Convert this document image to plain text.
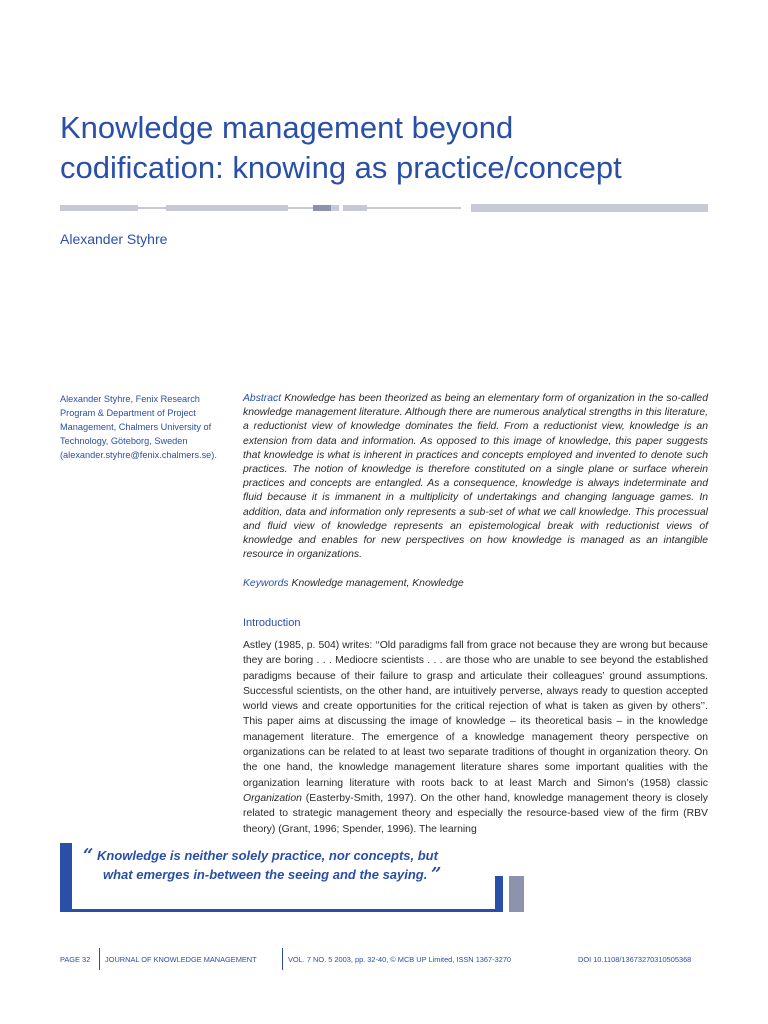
Knowledge management beyond
codification: knowing as practice/concept
Alexander Styhre
Alexander Styhre, Fenix Research Program & Department of Project Management, Chalmers University of Technology, Göteborg, Sweden (alexander.styhre@fenix.chalmers.se).

Abstract Knowledge has been theorized as being an elementary form of organization in the so-called knowledge management literature. Although there are numerous analytical strengths in this literature, a reductionist view of knowledge dominates the field. From a reductionist view, knowledge is an extension from data and information. As opposed to this image of knowledge, this paper suggests that knowledge is what is inherent in practices and concepts employed and invented to denote such practices. The notion of knowledge is therefore constituted on a single plane or surface wherein practices and concepts are entangled. As a consequence, knowledge is always indeterminate and fluid because it is immanent in a multiplicity of undertakings and changing language games. In addition, data and information only represents a sub-set of what we call knowledge. This processual and fluid view of knowledge represents an epistemological break with reductionist views of knowledge and enables for new perspectives on how knowledge is managed as an intangible resource in organizations.

Keywords Knowledge management, Knowledge
Introduction

Astley (1985, p. 504) writes: ‘‘Old paradigms fall from grace not because they are wrong but because they are boring . . . Mediocre scientists . . . are those who are unable to see beyond the established paradigms because of their failure to grasp and articulate their colleagues’ ground assumptions. Successful scientists, on the other hand, are intuitively perverse, always ready to question accepted world views and create opportunities for the critical rejection of what is taken as given by others’’. This paper aims at discussing the image of knowledge – its theoretical basis – in the knowledge management literature. The emergence of a knowledge management theory perspective on organizations can be related to at least two separate traditions of thought in organization theory. On the one hand, the knowledge management literature shares some important qualities with the organization learning literature with roots back to at least March and Simon’s (1958) classic Organization (Easterby-Smith, 1997). On the other hand, knowledge management theory is closely related to strategic management theory and especially the resource-based view of the firm (RBV theory) (Grant, 1996; Spender, 1996). The learning

“ Knowledge is neither solely practice, nor concepts, but
what emerges in-between the seeing and the saying. ”
PAGE 32 JOURNAL OF KNOWLEDGE MANAGEMENT	VOL. 7 NO. 5 2003, pp. 32-40, © MCB UP Limited, ISSN 1367-3270	DOI 10.1108/13673270310505368
